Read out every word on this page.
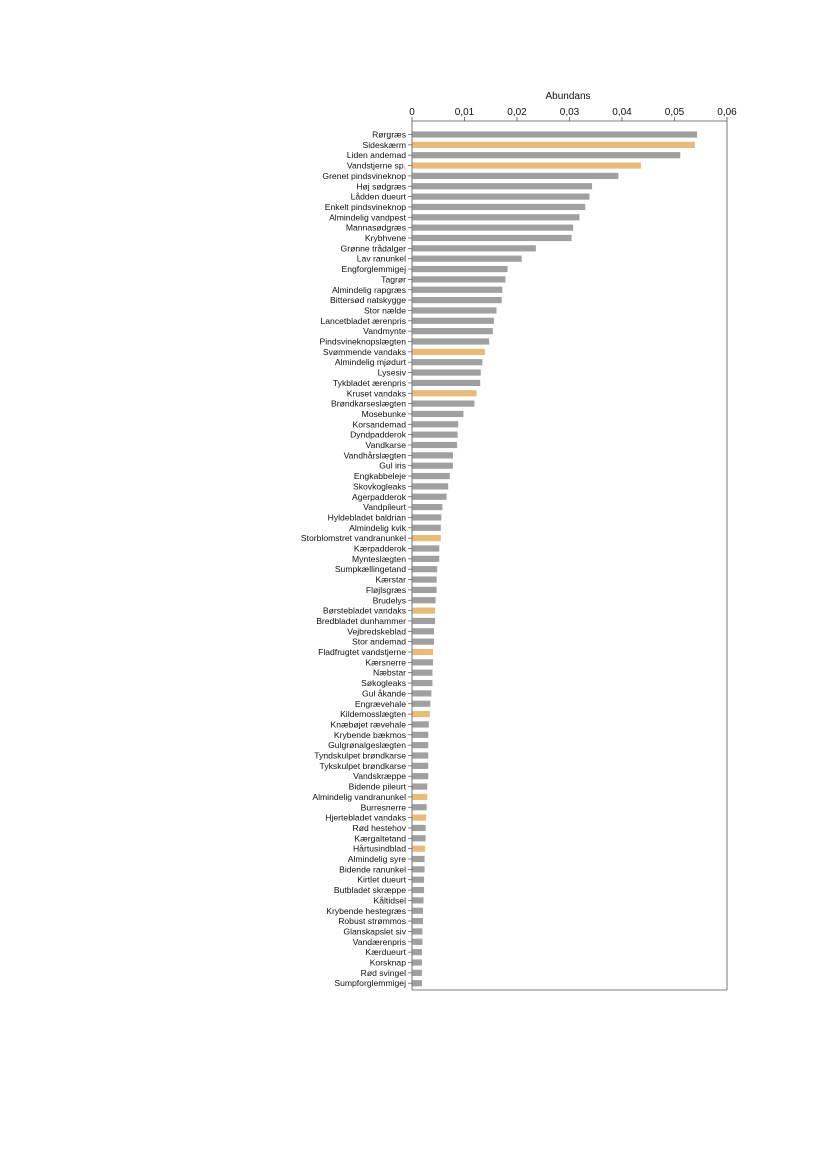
Abundans
0	0,01	0,02	0,03	0,04	0,05	0,06
Rørgræs
Sideskærm
Liden andemad
Vandstjerne sp.
Grenet pindsvineknop
Høj sødgræs
Lådden dueurt
Enkelt pindsvineknop
Almindelig vandpest
Mannasødgræs
Krybhvene
Grønne trådalger
Lav ranunkel
Engforglemmigej
Tagrør
Almindelig rapgræs
Bittersød natskygge
Stor nælde
Lancetbladet ærenpris
Vandmynte
Pindsvineknopslægten
Svømmende vandaks
Almindelig mjødurt
Lysesiv
Tykbladet ærenpris
Kruset vandaks
Brøndkarseslægten
Mosebunke
Korsandemad
Dyndpadderok
Vandkarse
Vandhårslægten
Gul iris
Engkabbeleje
Skovkogleaks
Agerpadderok
Vandpileurt
Hyldebladet baldrian
Almindelig kvik
Storblomstret vandranunkel
Kærpadderok
Mynteslægten
Sumpkællingetand
Kærstar
Fløjlsgræs
Brudelys
Børstebladet vandaks
Bredbladet dunhammer
Vejbredskeblad
Stor andemad
Fladfrugtet vandstjerne
Kærsnerre
Næbstar
Søkogleaks
Gul åkande
Engrævehale
Kildemosslægten
Knæbøjet rævehale
Krybende bækmos
Gulgrønalgeslægten
Tyndskulpet brøndkarse
Tykskulpet brøndkarse
Vandskræppe
Bidende pileurt
Almindelig vandranunkel
Burresnerre
Hjertebladet vandaks
Rød hestehov
Kærgaltetand
Hårtusindblad
Almindelig syre
Bidende ranunkel
Kirtlet dueurt
Butbladet skræppe
Kåltidsel
Krybende hestegræs
Robust strømmos
Glanskapslet siv
Vandærenpris
Kærdueurt
Korsknap
Rød svingel
Sumpforglemmigej
